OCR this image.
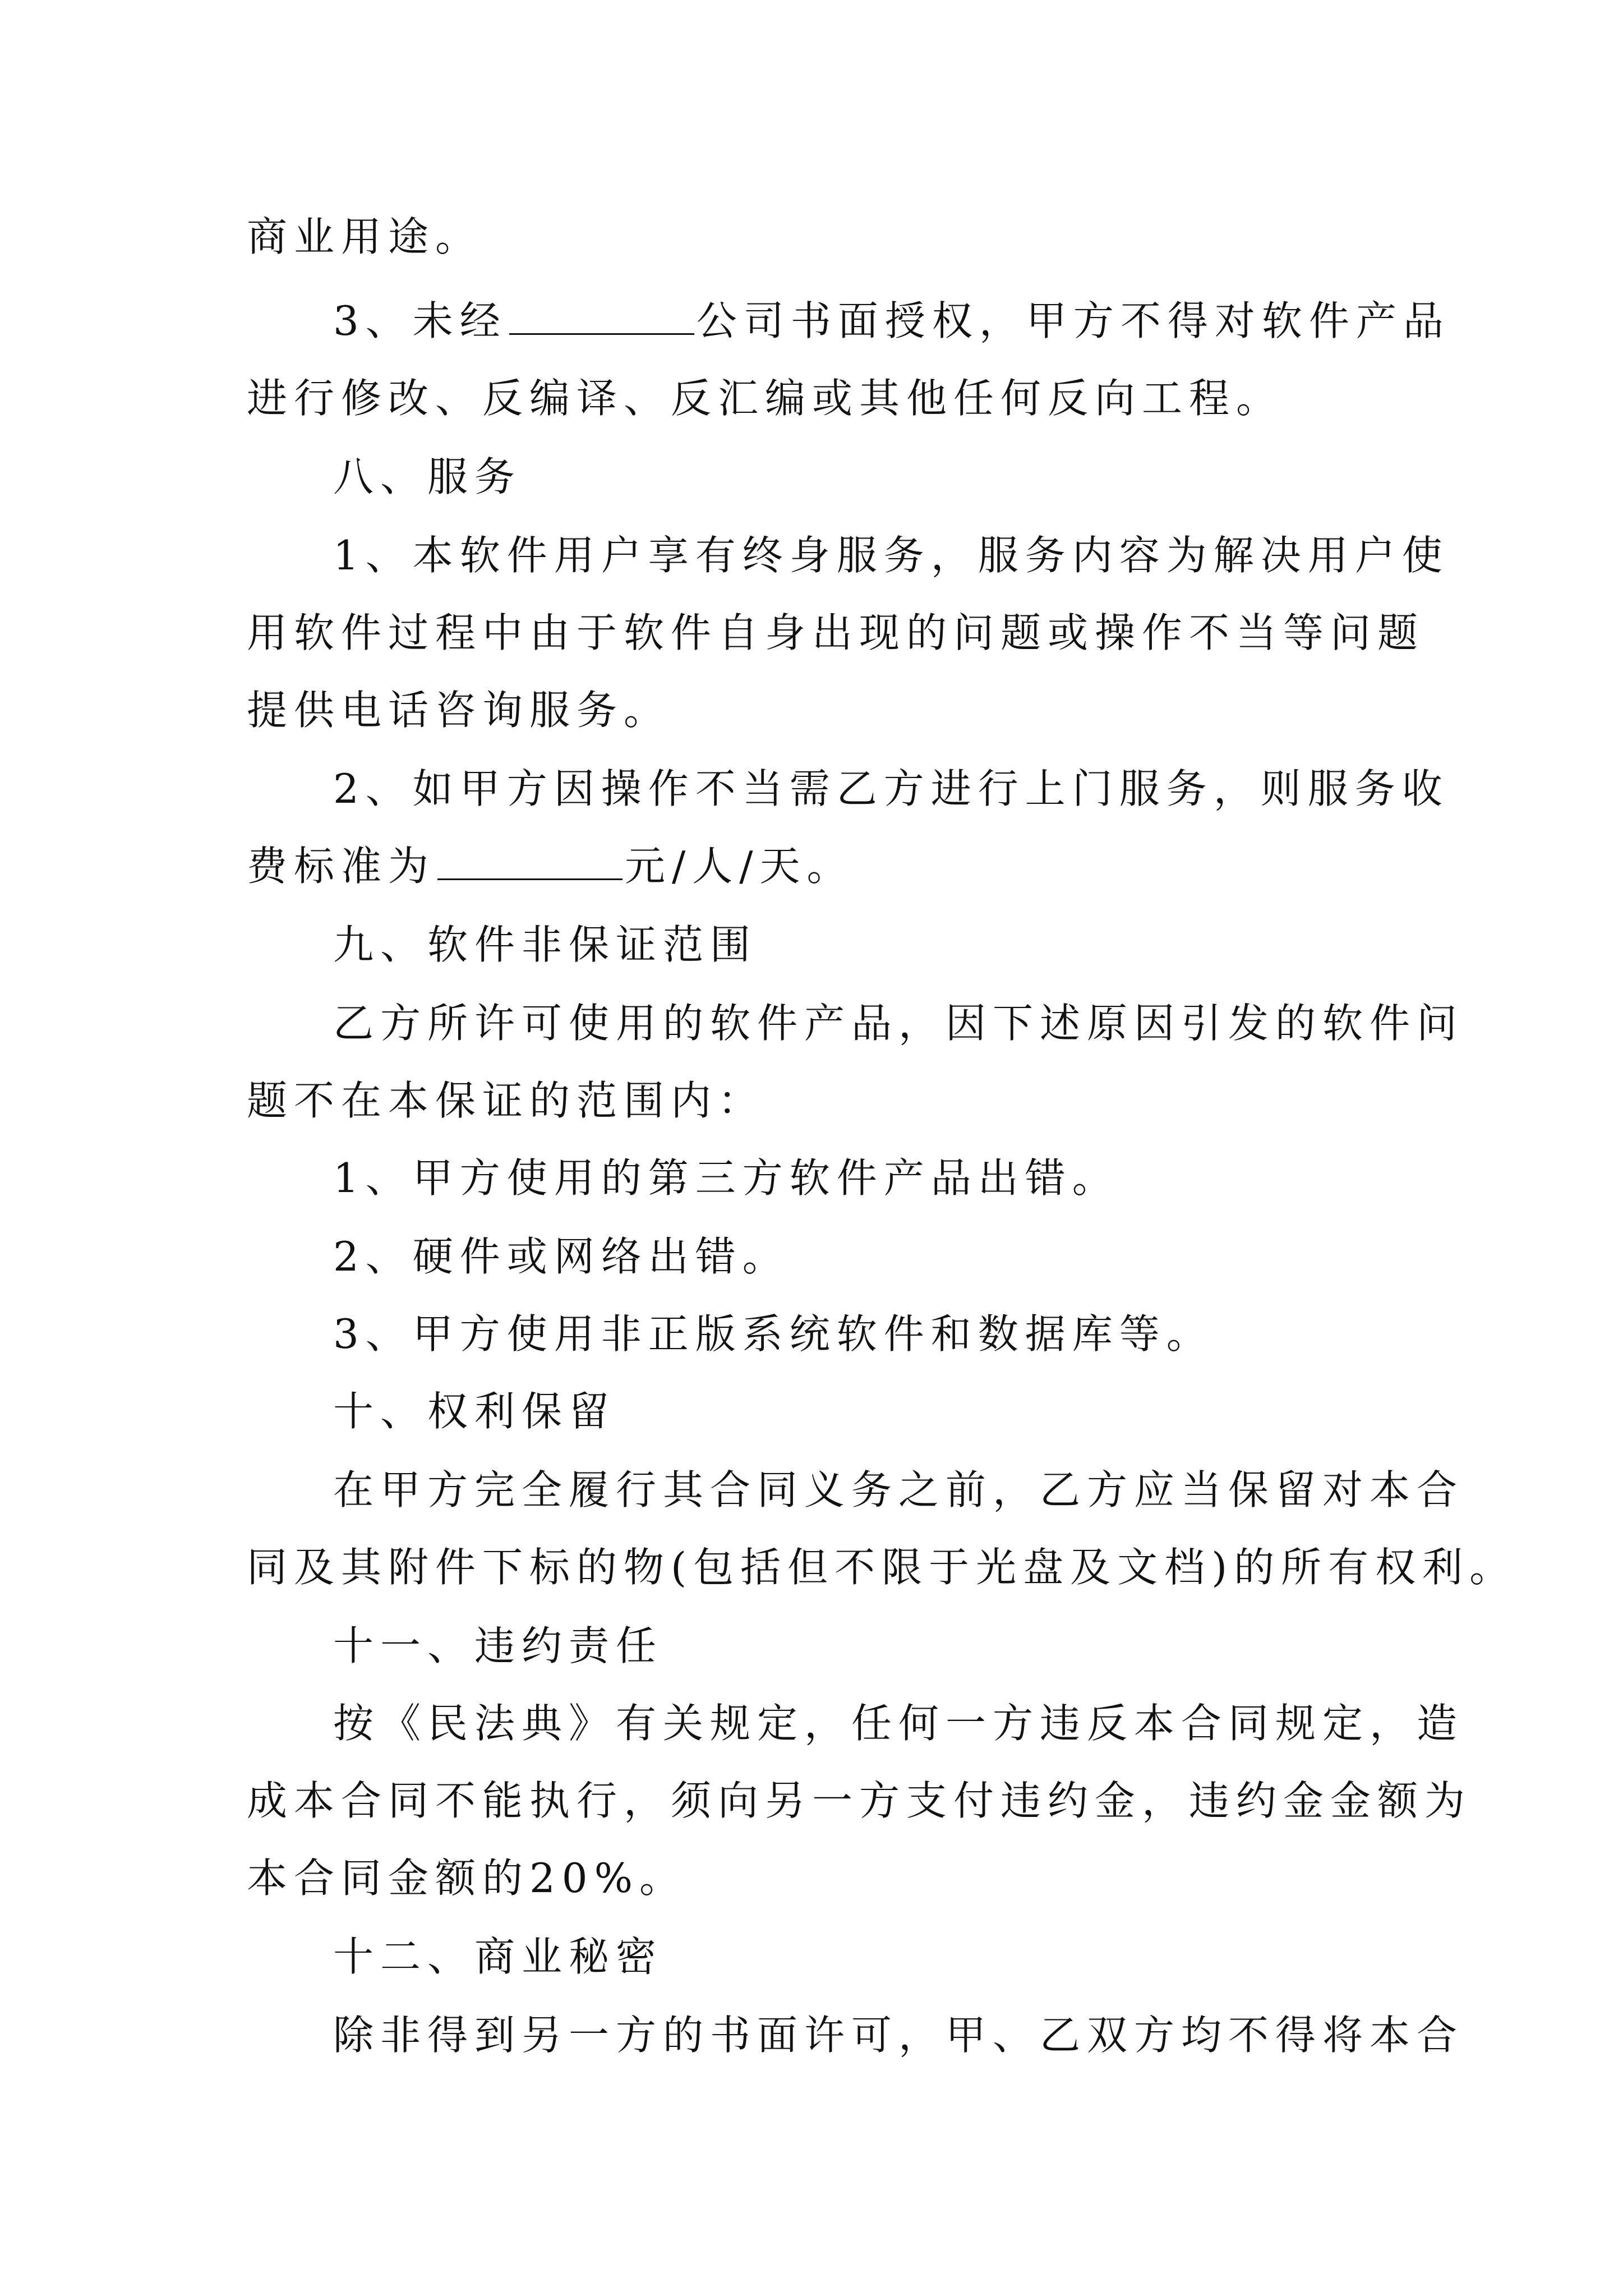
商业用途。
3、未经	公司书面授权，甲方不得对软件产品
进行修改、反编译、反汇编或其他任何反向工程。
八、服务
1、本软件用户享有终身服务，服务内容为解决用户使
用软件过程中由于软件自身出现的问题或操作不当等问题
提供电话咨询服务。
2、如甲方因操作不当需乙方进行上门服务，则服务收
费标准为	元/人/天。
九、软件非保证范围
乙方所许可使用的软件产品，因下述原因引发的软件问
题不在本保证的范围内：
1、甲方使用的第三方软件产品出错。
2、硬件或网络出错。
3、甲方使用非正版系统软件和数据库等。
十、权利保留
在甲方完全履行其合同义务之前，乙方应当保留对本合
同及其附件下标的物(包括但不限于光盘及文档)的所有权利。
十一、违约责任
按《民法典》有关规定，任何一方违反本合同规定，造
成本合同不能执行，须向另一方支付违约金，违约金金额为
本合同金额的20%。
十二、商业秘密
除非得到另一方的书面许可，甲、乙双方均不得将本合
